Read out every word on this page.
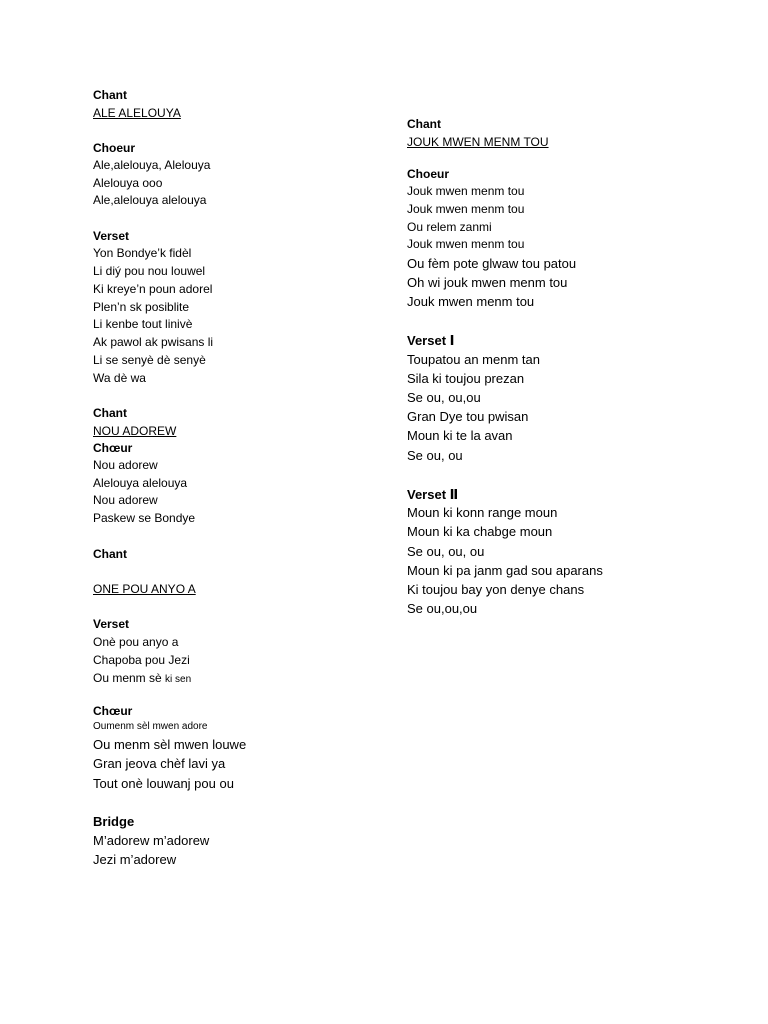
Chant
ALE ALELOUYA
Choeur
Ale,alelouya, Alelouya
Alelouya ooo
Ale,alelouya alelouya
Verset
Yon Bondye’k fidèl
Li diý pou nou louwel
Ki kreye’n poun adorel
Plen’n sk posiblite
Li kenbe tout linivè
Ak pawol ak pwisans li
Li se senyè dè senyè
Wa dè wa
Chant
NOU ADOREW
Chœur
Nou adorew
Alelouya alelouya
Nou adorew
Paskew se Bondye
Chant
ONE POU ANYO A
Verset
Onè pou anyo a
Chapoba pou Jezi
Ou menm sè ki sen
Chœur
Oumenm sèl mwen adore
Ou menm sèl mwen louwe
Gran jeova chèf lavi ya
Tout onè louwanj pou ou
Bridge
M’adorew m’adorew
Jezi m’adorew
Chant
JOUK MWEN MENM TOU
Choeur
Jouk mwen menm tou
Jouk mwen menm tou
Ou relem zanmi
Jouk mwen menm tou
Ou fèm pote glwaw tou patou
Oh wi jouk mwen menm tou
Jouk mwen menm tou
Verset Ⅰ
Toupatou an menm tan
Sila ki toujou prezan
Se ou, ou,ou
Gran Dye tou pwisan
Moun ki te la avan
Se ou, ou
Verset Ⅱ
Moun ki konn range moun
Moun ki ka chabge moun
Se ou, ou, ou
Moun ki pa janm gad sou aparans
Ki toujou bay yon denye chans
Se ou,ou,ou
